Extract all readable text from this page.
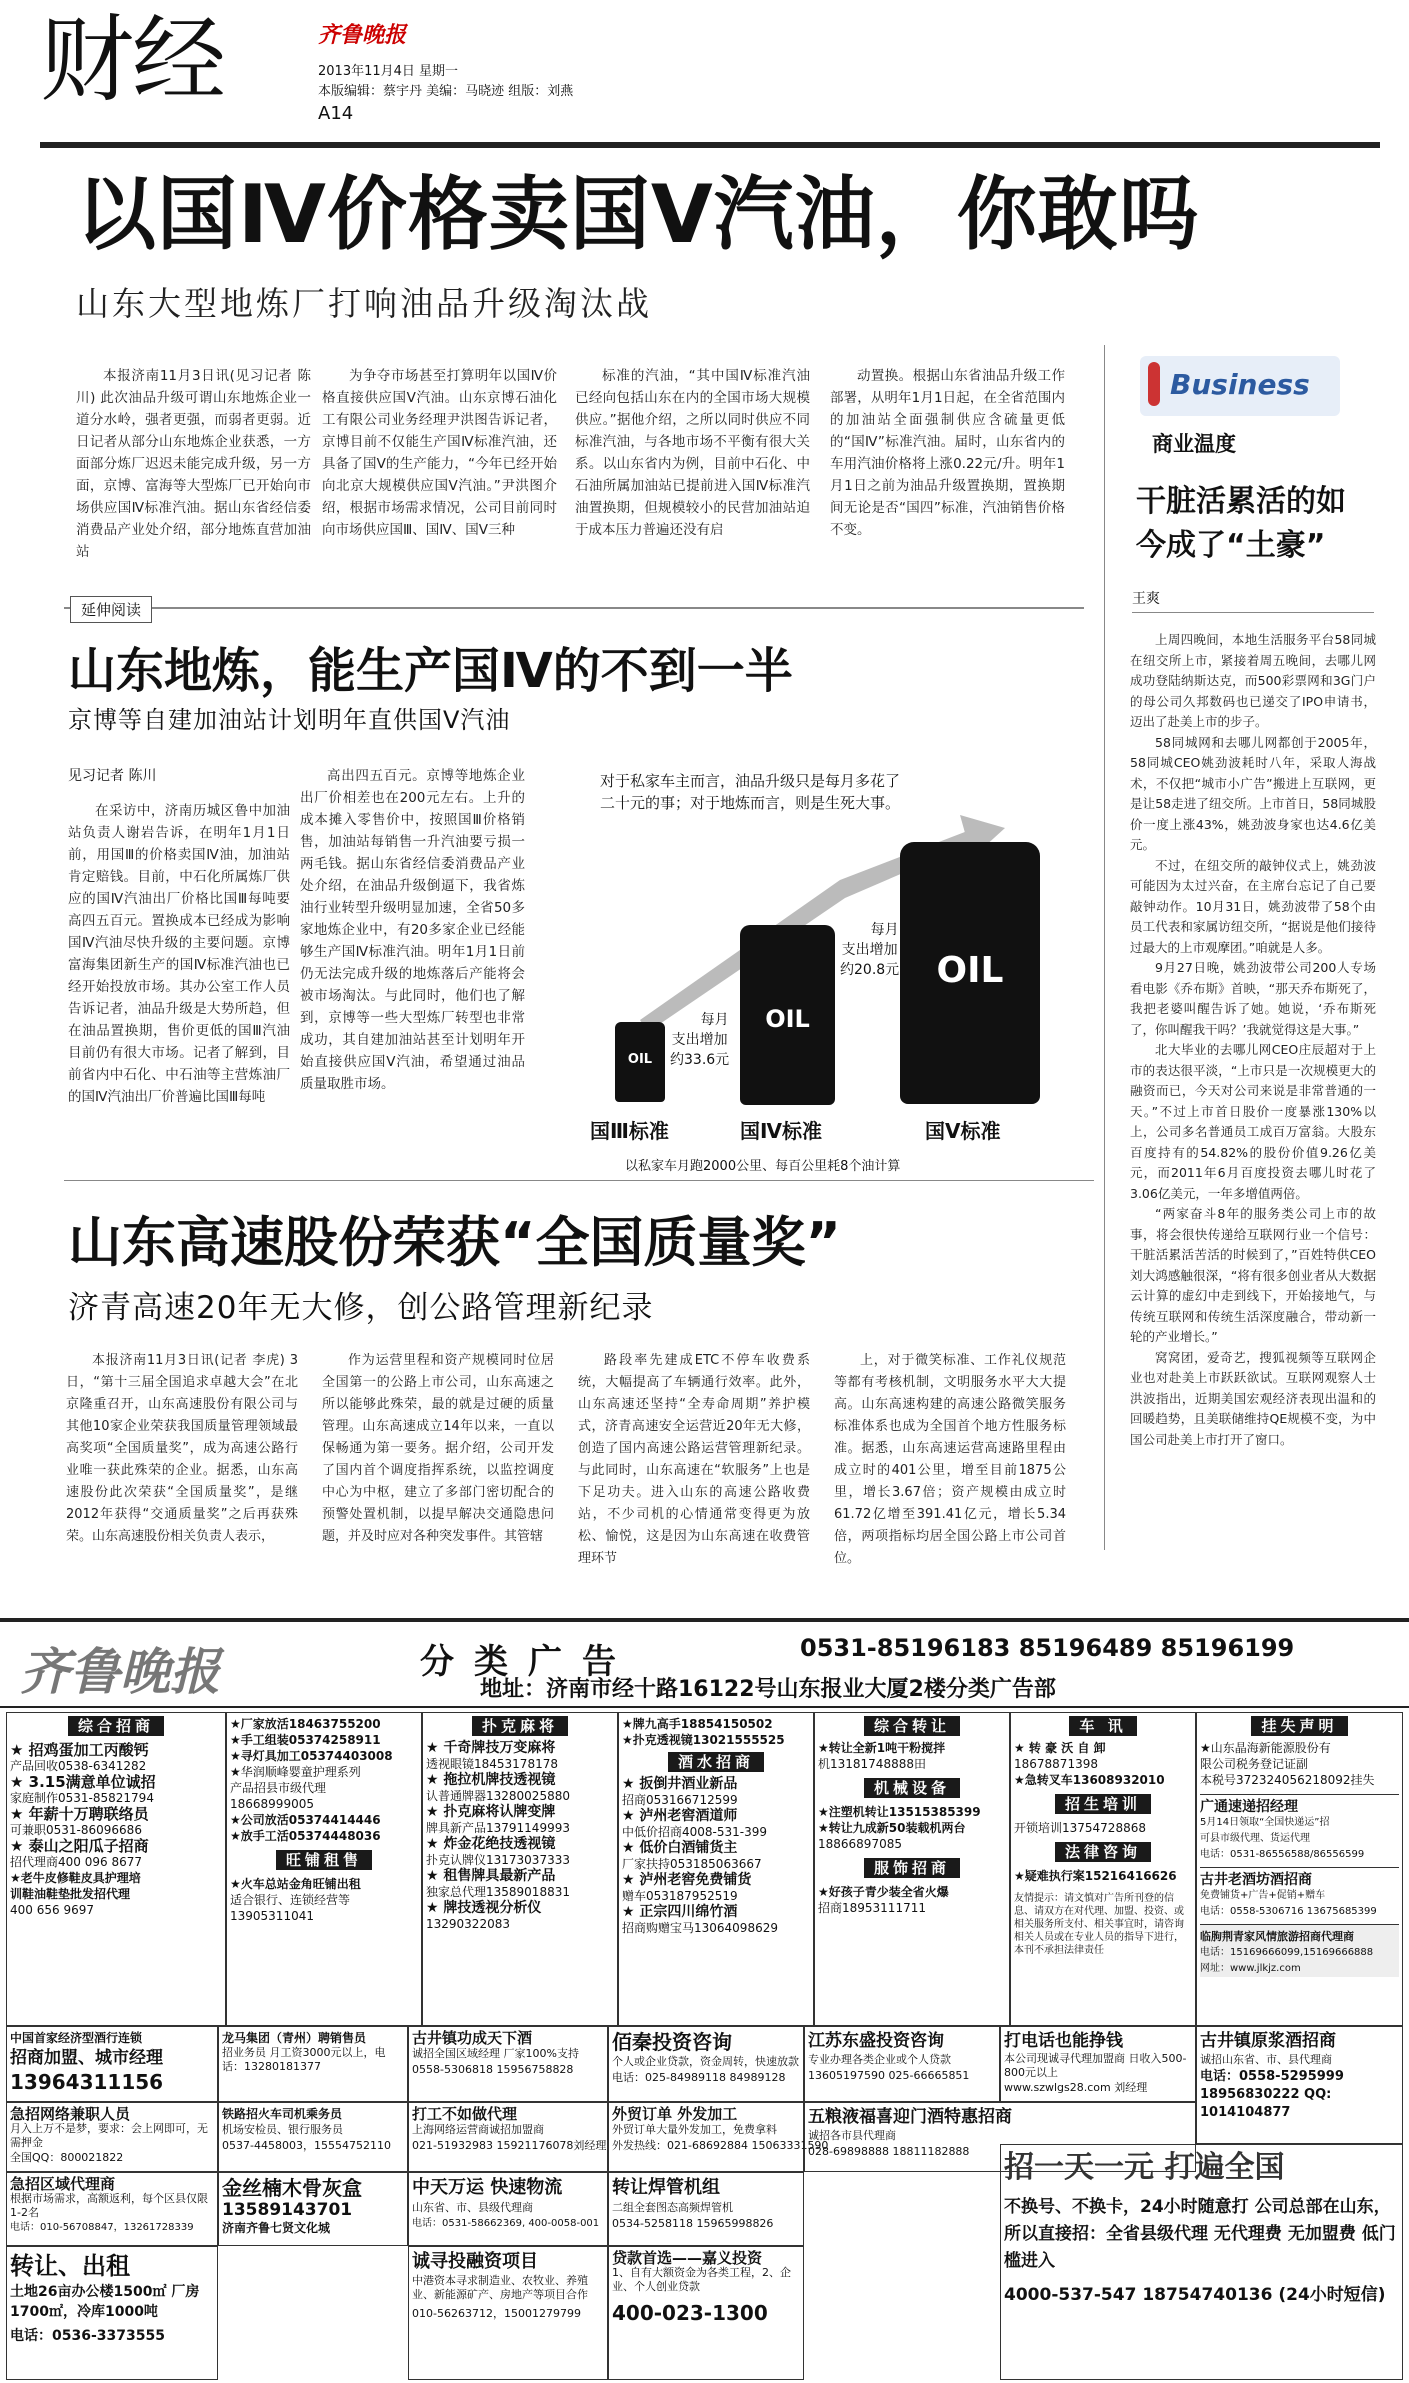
财经	齐鲁晚报
2013年11月4日 星期一
本版编辑：蔡宇丹 美编：马晓迹 组版：刘燕
A14
以国Ⅳ价格卖国Ⅴ汽油，你敢吗
山东大型地炼厂打响油品升级淘汰战

本报济南11月3日讯(见习记者 陈川) 此次油品升级可谓山东地炼企业一道分水岭，强者更强，而弱者更弱。近日记者从部分山东地炼企业获悉，一方面部分炼厂迟迟未能完成升级，另一方面，京博、富海等大型炼厂已开始向市场供应国Ⅳ标准汽油。据山东省经信委消费品产业处介绍，部分地炼直营加油站

为争夺市场甚至打算明年以国Ⅳ价格直接供应国Ⅴ汽油。山东京博石油化工有限公司业务经理尹洪图告诉记者，京博目前不仅能生产国Ⅳ标准汽油，还具备了国Ⅴ的生产能力，“今年已经开始向北京大规模供应国Ⅴ汽油。”尹洪图介绍，根据市场需求情况，公司目前同时向市场供应国Ⅲ、国Ⅳ、国Ⅴ三种

标准的汽油，“其中国Ⅳ标准汽油已经向包括山东在内的全国市场大规模供应。”据他介绍，之所以同时供应不同标准汽油，与各地市场不平衡有很大关系。以山东省内为例，目前中石化、中石油所属加油站已提前进入国Ⅳ标准汽油置换期，但规模较小的民营加油站迫于成本压力普遍还没有启

动置换。根据山东省油品升级工作部署，从明年1月1日起，在全省范围内的加油站全面强制供应含硫量更低的“国Ⅳ”标准汽油。届时，山东省内的车用汽油价格将上涨0.22元/升。明年1月1日之前为油品升级置换期，置换期间无论是否“国四”标准，汽油销售价格不变。

延伸阅读
山东地炼，能生产国Ⅳ的不到一半
京博等自建加油站计划明年直供国Ⅴ汽油
见习记者 陈川

在采访中，济南历城区鲁中加油站负责人谢岩告诉，在明年1月1日前，用国Ⅲ的价格卖国Ⅳ油，加油站肯定赔钱。目前，中石化所属炼厂供应的国Ⅳ汽油出厂价格比国Ⅲ每吨要高四五百元。置换成本已经成为影响国Ⅳ汽油尽快升级的主要问题。京博富海集团新生产的国Ⅳ标准汽油也已经开始投放市场。其办公室工作人员告诉记者，油品升级是大势所趋，但在油品置换期，售价更低的国Ⅲ汽油目前仍有很大市场。记者了解到，目前省内中石化、中石油等主营炼油厂的国Ⅳ汽油出厂价普遍比国Ⅲ每吨

高出四五百元。京博等地炼企业出厂价相差也在200元左右。上升的成本摊入零售价中，按照国Ⅲ价格销售，加油站每销售一升汽油要亏损一两毛钱。据山东省经信委消费品产业处介绍，在油品升级倒逼下，我省炼油行业转型升级明显加速，全省50多家地炼企业中，有20多家企业已经能够生产国Ⅳ标准汽油。明年1月1日前仍无法完成升级的地炼落后产能将会被市场淘汰。与此同时，他们也了解到，京博等一些大型炼厂转型也非常成功，其自建加油站甚至计划明年开始直接供应国Ⅴ汽油，希望通过油品质量取胜市场。

对于私家车主而言，油品升级只是每月多花了二十元的事；对于地炼而言，则是生死大事。
OIL
OIL
OIL
每月
支出增加
约33.6元
每月
支出增加
约20.8元
国Ⅲ标准	国Ⅳ标准	国Ⅴ标准
以私家车月跑2000公里、每百公里耗8个油计算
Business
商业温度
干脏活累活的如今成了“土豪”
王爽

上周四晚间，本地生活服务平台58同城在纽交所上市，紧接着周五晚间，去哪儿网成功登陆纳斯达克，而500彩票网和3G门户的母公司久邦数码也已递交了IPO申请书，迈出了赴美上市的步子。

58同城网和去哪儿网都创于2005年，58同城CEO姚劲波耗时八年，采取人海战术，不仅把“城市小广告”搬进上互联网，更是让58走进了纽交所。上市首日，58同城股价一度上涨43%，姚劲波身家也达4.6亿美元。

不过，在纽交所的敲钟仪式上，姚劲波可能因为太过兴奋，在主席台忘记了自己要敲钟动作。10月31日，姚劲波带了58个由员工代表和家属访纽交所，“据说是他们接待过最大的上市观摩团。”咱就是人多。

9月27日晚，姚劲波带公司200人专场看电影《乔布斯》首映，“那天乔布斯死了，我把老婆叫醒告诉了她。她说，‘乔布斯死了，你叫醒我干吗？’我就觉得这是大事。”

北大毕业的去哪儿网CEO庄辰超对于上市的表达很平淡，“上市只是一次规模更大的融资而已，今天对公司来说是非常普通的一天。”不过上市首日股价一度暴涨130%以上，公司多名普通员工成百万富翁。大股东百度持有的54.82%的股份价值9.26亿美元，而2011年6月百度投资去哪儿时花了3.06亿美元，一年多增值两倍。

“两家奋斗8年的服务类公司上市的故事，将会很快传递给互联网行业一个信号：干脏活累活苦活的时候到了，”百姓特供CEO刘大鸿感触很深，“将有很多创业者从大数据云计算的虚幻中走到线下，开始接地气，与传统互联网和传统生活深度融合，带动新一轮的产业增长。”

窝窝团，爱奇艺，搜狐视频等互联网企业也对赴美上市跃跃欲试。互联网观察人士洪波指出，近期美国宏观经济表现出温和的回暖趋势，且美联储维持QE规模不变，为中国公司赴美上市打开了窗口。

山东高速股份荣获“全国质量奖”
济青高速20年无大修，创公路管理新纪录

本报济南11月3日讯(记者 李虎) 3日，“第十三届全国追求卓越大会”在北京隆重召开，山东高速股份有限公司与其他10家企业荣获我国质量管理领域最高奖项“全国质量奖”，成为高速公路行业唯一获此殊荣的企业。据悉，山东高速股份此次荣获“全国质量奖”，是继2012年获得“交通质量奖”之后再获殊荣。山东高速股份相关负责人表示，

作为运营里程和资产规模同时位居全国第一的公路上市公司，山东高速之所以能够此殊荣，最的就是过硬的质量管理。山东高速成立14年以来，一直以保畅通为第一要务。据介绍，公司开发了国内首个调度指挥系统，以监控调度中心为中枢，建立了多部门密切配合的预警处置机制，以提早解决交通隐患问题，并及时应对各种突发事件。其管辖

路段率先建成ETC不停车收费系统，大幅提高了车辆通行效率。此外，山东高速还坚持“全寿命周期”养护模式，济青高速安全运营近20年无大修，创造了国内高速公路运营管理新纪录。与此同时，山东高速在“软服务”上也是下足功夫。进入山东的高速公路收费站，不少司机的心情通常变得更为放松、愉悦，这是因为山东高速在收费管理环节

上，对于微笑标准、工作礼仪规范等都有考核机制，文明服务水平大大提高。山东高速构建的高速公路微笑服务标准体系也成为全国首个地方性服务标准。据悉，山东高速运营高速路里程由成立时的401公里，增至目前1875公里，增长3.67倍；资产规模由成立时61.72亿增至391.41亿元，增长5.34倍，两项指标均居全国公路上市公司首位。

齐鲁晚报	分类广告	0531-85196183 85196489 85196199
地址：济南市经十路16122号山东报业大厦2楼分类广告部
综合招商
★ 招鸡蛋加工丙酸钙
产品回收0538-6341282
★ 3.15满意单位诚招
家庭制作0531-85821794
★ 年薪十万聘联络员
可兼职0531-86096686
★ 泰山之阳瓜子招商
招代理商400 096 8677
★老牛皮修鞋皮具护理培
训鞋油鞋垫批发招代理
400 656 9697
★厂家放活18463755200
★手工组装05374258911
★寻灯具加工05374403008
★华润顺峰婴童护理系列
产品招县市级代理
18668999005
★公司放活05374414446
★放手工活05374448036
旺铺租售
★火车总站金角旺铺出租
适合银行、连锁经营等
13905311041
扑克麻将
★ 千奇牌技万变麻将
透视眼镜18453178178
★ 拖拉机牌技透视镜
认普通牌器13280025880
★ 扑克麻将认牌变牌
牌具新产品13791149993
★ 炸金花绝技透视镜
扑克认牌仪13173037333
★ 租售牌具最新产品
独家总代理13589018831
★ 牌技透视分析仪
13290322083
★牌九高手18854150502
★扑克透视镜13021555525
酒水招商
★ 扳倒井酒业新品
招商053166712599
★ 泸州老窖酒道师
中低价招商4008-531-399
★ 低价白酒铺货主
厂家扶持053185063667
★ 泸州老窖免费铺货
赠车053187952519
★ 正宗四川绵竹酒
招商购赠宝马13064098629
综合转让
★转让全新1吨干粉搅拌
机13181748888田
机械设备
★注塑机转让13515385399
★转让九成新50装载机两台
18866897085
服饰招商
★好孩子青少装全省火爆
招商18953111711
车 讯
★ 转 豪 沃 自 卸
18678871398
★急转叉车13608932010
招生培训
开锁培训13754728868
法律咨询
★疑难执行案15216416626
友情提示：请文慎对广告所刊登的信息、请双方在对代理、加盟、投资、或相关服务所支付、相关事宜时，请咨询相关人员或在专业人员的指导下进行，本刊不承担法律责任
挂失声明
★山东晶海新能源股份有
限公司税务登记证副
本税号372324056218092挂失
广通速递招经理
5月14日领取“全国快递运”招
可县市级代理、货运代理
电话：0531-86556588/86556599
古井老酒坊酒招商
免费铺货+广告+促销+赠车
电话：0558-5306716 13675685399
临朐荆青家风情旅游招商代理商
电话：15169666099,15169666888
网址：www.jlkjz.com
中国首家经济型酒行连锁
招商加盟、城市经理
13964311156
龙马集团（青州）聘销售员
招业务员 月工资3000元以上，电话：13280181377
古井镇功成天下酒
诚招全国区域经理 厂家100%支持
0558-5306818 15956758828
佰秦投资咨询
个人或企业贷款，资金周转，快速放款
电话：025-84989118 84989128
江苏东盛投资咨询
专业办理各类企业或个人贷款
13605197590 025-66665851
打电话也能挣钱
本公司现诚寻代理加盟商 日收入500-800元以上
www.szwlgs28.com 刘经理
古井镇原浆酒招商
诚招山东省、市、县代理商
电话：0558-5295999 18956830222 QQ: 1014104877
急招网络兼职人员
月入上万不是梦，要求：会上网即可，无需押金
全国QQ：800021822
铁路招火车司机乘务员
机场安检员、银行服务员
0537-4458003，15554752110
打工不如做代理
上海网络运营商诚招加盟商
021-51932983 15921176078刘经理
外贸订单 外发加工
外贸订单大量外发加工，免费拿料
外发热线：021-68692884 15063331590
五粮液福喜迎门酒特惠招商
诚招各市县代理商
028-69898888 18811182888
急招区域代理商
根据市场需求，高额返利，每个区县仅限1-2名
电话：010-56708847，13261728339
金丝楠木骨灰盒
13589143701
济南齐鲁七贤文化城
中天万运 快速物流
山东省、市、县级代理商
电话：0531-58662369, 400-0058-001
转让焊管机组
二组全套图态高频焊管机
0534-5258118 15965998826
招一天一元 打遍全国
不换号、不换卡，24小时随意打 公司总部在山东，所以直接招：全省县级代理 无代理费 无加盟费 低门槛进入
4000-537-547 18754740136 (24小时短信)
转让、出租
土地26亩办公楼1500㎡ 厂房1700㎡，冷库1000吨
电话：0536-3373555
诚寻投融资项目
中港资本寻求制造业、农牧业、养殖业、新能源矿产、房地产等项目合作
010-56263712，15001279799
贷款首选——嘉义投资
1、自有大额资金为各类工程，2、企业、个人创业贷款
400-023-1300
